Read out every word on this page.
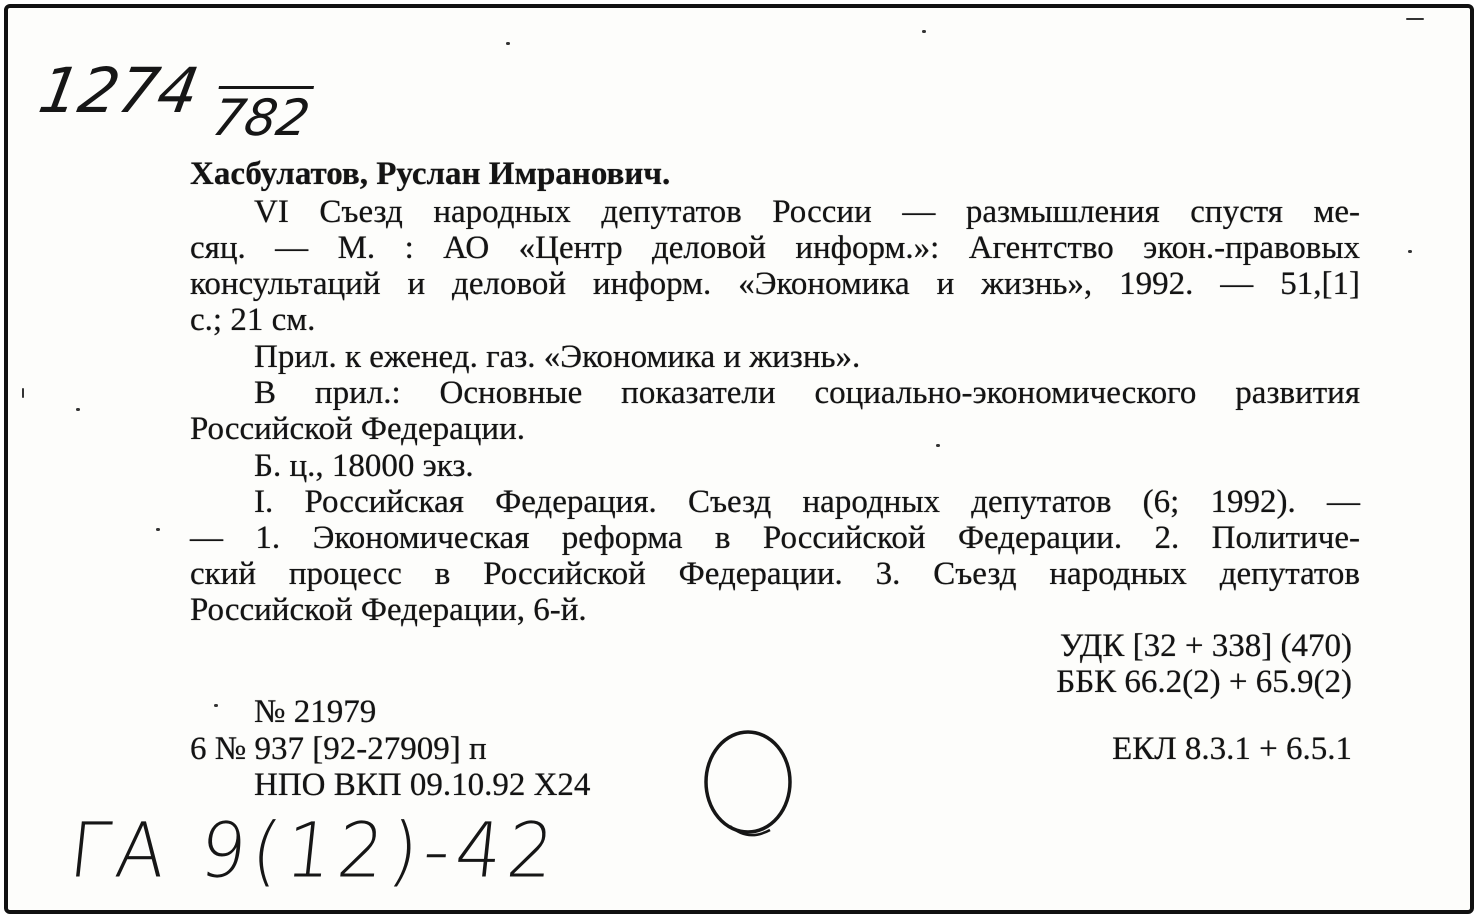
1274 782
Хасбулатов, Руслан Имранович.
VI Съезд народных депутатов России — размышления спустя ме-
сяц. — М. : АО «Центр деловой информ.»: Агентство экон.-правовых
консультаций и деловой информ. «Экономика и жизнь», 1992. — 51,[1]
с.; 21 см.
Прил. к еженед. газ. «Экономика и жизнь».
В прил.: Основные показатели социально-экономического развития
Российской Федерации.
Б. ц., 18000 экз.
I. Российская Федерация. Съезд народных депутатов (6; 1992). —
— 1. Экономическая реформа в Российской Федерации. 2. Политиче-
ский процесс в Российской Федерации. 3. Съезд народных депутатов
Российской Федерации, 6-й.
УДК [32 + 338] (470)
ББК 66.2(2) + 65.9(2)
№ 21979
6 № 937 [92-27909] п	ЕКЛ 8.3.1 + 6.5.1
НПО ВКП 09.10.92 Х24
ГА 9(12)-42
